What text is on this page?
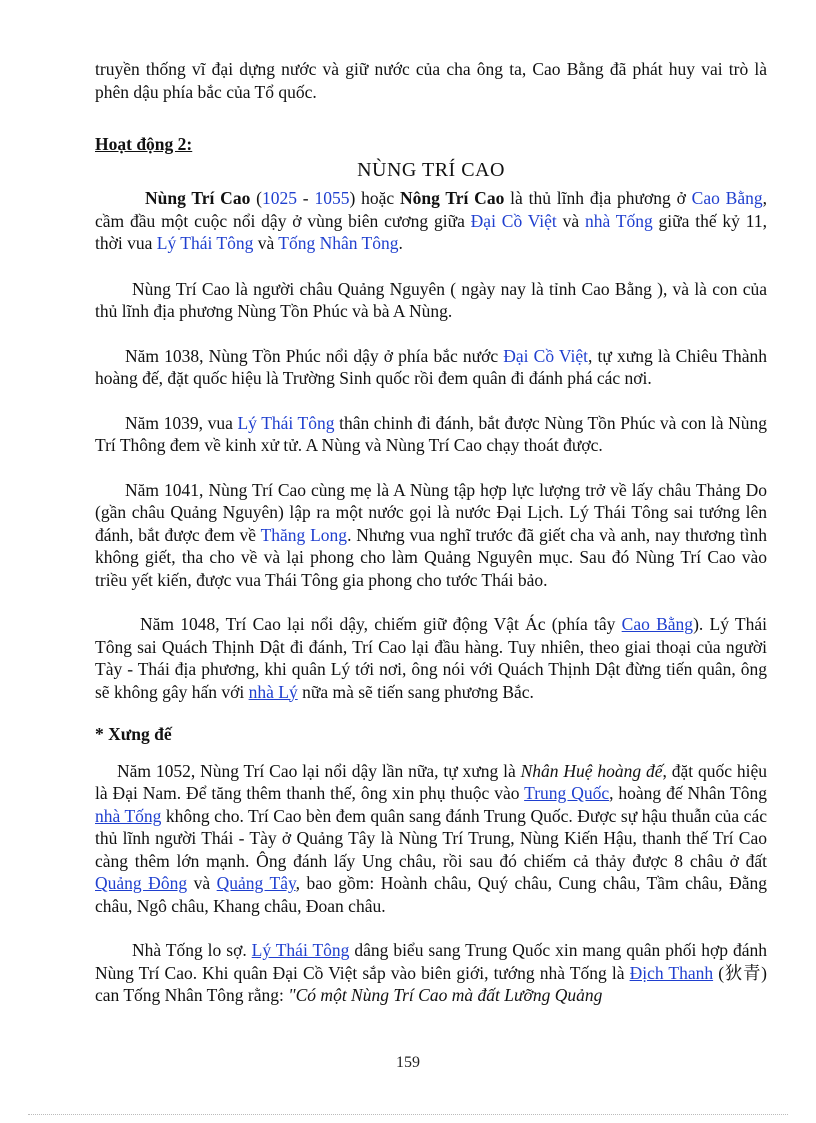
truyền thống vĩ đại dựng nước và giữ nước của cha ông ta, Cao Bằng đã phát huy vai trò là phên dậu phía bắc của Tổ quốc.

Hoạt động 2:

NÙNG TRÍ CAO

Nùng Trí Cao (1025 - 1055) hoặc Nông Trí Cao là thủ lĩnh địa phương ở Cao Bằng, cầm đầu một cuộc nổi dậy ở vùng biên cương giữa Đại Cồ Việt và nhà Tống giữa thế kỷ 11, thời vua Lý Thái Tông và Tống Nhân Tông.

Nùng Trí Cao là người châu Quảng Nguyên ( ngày nay là tỉnh Cao Bằng ), và là con của thủ lĩnh địa phương Nùng Tồn Phúc và bà A Nùng.

Năm 1038, Nùng Tồn Phúc nổi dậy ở phía bắc nước Đại Cồ Việt, tự xưng là Chiêu Thành hoàng đế, đặt quốc hiệu là Trường Sinh quốc rồi đem quân đi đánh phá các nơi.

Năm 1039, vua Lý Thái Tông thân chinh đi đánh, bắt được Nùng Tồn Phúc và con là Nùng Trí Thông đem về kinh xử tử. A Nùng và Nùng Trí Cao chạy thoát được.

Năm 1041, Nùng Trí Cao cùng mẹ là A Nùng tập hợp lực lượng trở về lấy châu Thảng Do (gần châu Quảng Nguyên) lập ra một nước gọi là nước Đại Lịch. Lý Thái Tông sai tướng lên đánh, bắt được đem về Thăng Long. Nhưng vua nghĩ trước đã giết cha và anh, nay thương tình không giết, tha cho về và lại phong cho làm Quảng Nguyên mục. Sau đó Nùng Trí Cao vào triều yết kiến, được vua Thái Tông gia phong cho tước Thái bảo.

Năm 1048, Trí Cao lại nổi dậy, chiếm giữ động Vật Ác (phía tây Cao Bằng). Lý Thái Tông sai Quách Thịnh Dật đi đánh, Trí Cao lại đầu hàng. Tuy nhiên, theo giai thoại của người Tày - Thái địa phương, khi quân Lý tới nơi, ông nói với Quách Thịnh Dật đừng tiến quân, ông sẽ không gây hấn với nhà Lý nữa mà sẽ tiến sang phương Bắc.

* Xưng đế

Năm 1052, Nùng Trí Cao lại nổi dậy lần nữa, tự xưng là Nhân Huệ hoàng đế, đặt quốc hiệu là Đại Nam. Để tăng thêm thanh thế, ông xin phụ thuộc vào Trung Quốc, hoàng đế Nhân Tông nhà Tống không cho. Trí Cao bèn đem quân sang đánh Trung Quốc. Được sự hậu thuẫn của các thủ lĩnh người Thái - Tày ở Quảng Tây là Nùng Trí Trung, Nùng Kiến Hậu, thanh thế Trí Cao càng thêm lớn mạnh. Ông đánh lấy Ung châu, rồi sau đó chiếm cả thảy được 8 châu ở đất Quảng Đông và Quảng Tây, bao gồm: Hoành châu, Quý châu, Cung châu, Tầm châu, Đằng châu, Ngô châu, Khang châu, Đoan châu.

Nhà Tống lo sợ. Lý Thái Tông dâng biểu sang Trung Quốc xin mang quân phối hợp đánh Nùng Trí Cao. Khi quân Đại Cồ Việt sắp vào biên giới, tướng nhà Tống là Địch Thanh (狄青) can Tống Nhân Tông rằng: "Có một Nùng Trí Cao mà đất Lưỡng Quảng

159
